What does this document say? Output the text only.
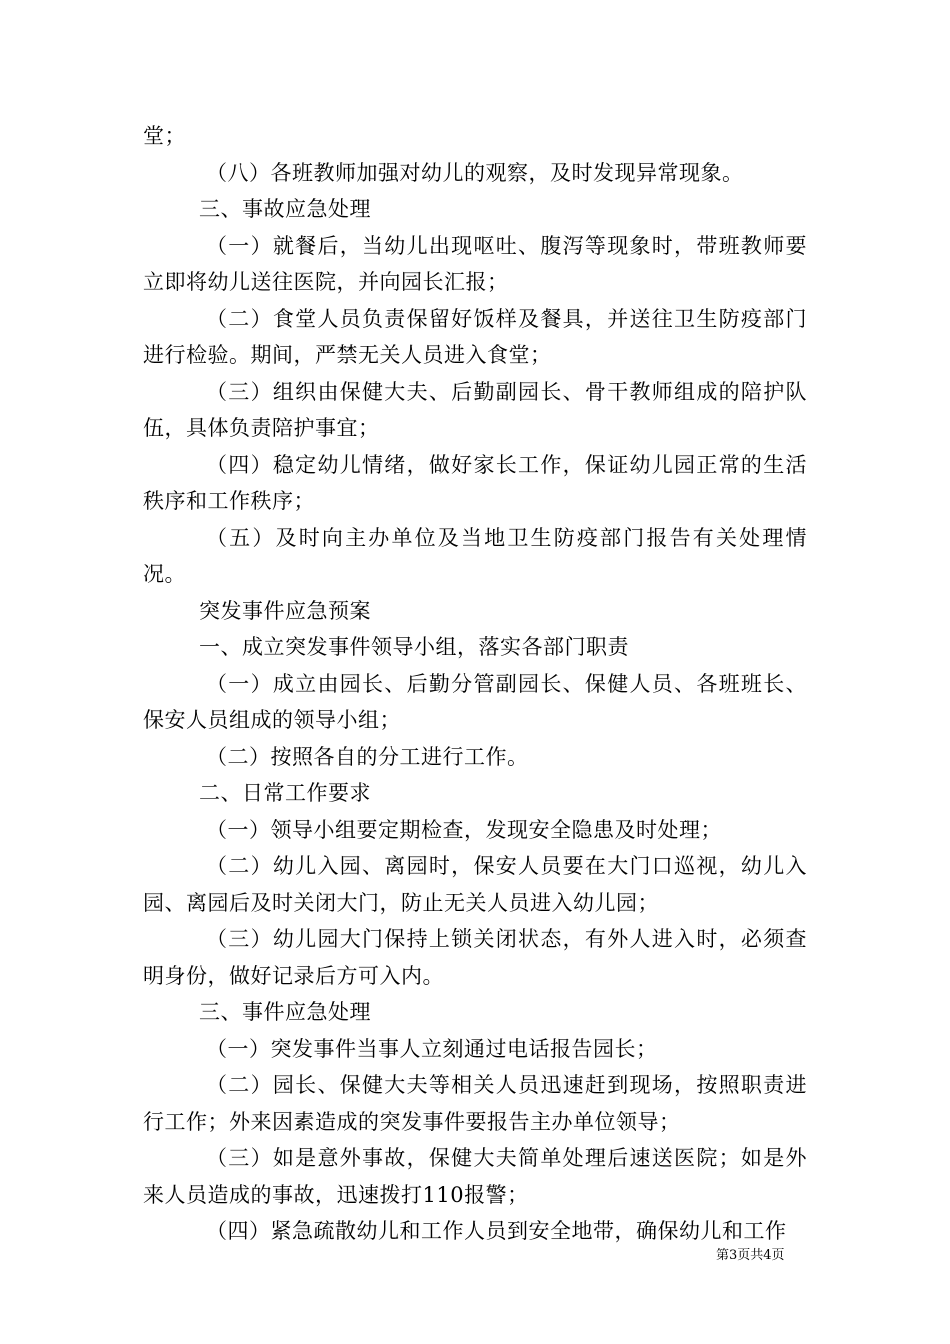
堂；

（八）各班教师加强对幼儿的观察，及时发现异常现象。

三、事故应急处理

（一）就餐后，当幼儿出现呕吐、腹泻等现象时，带班教师要立即将幼儿送往医院，并向园长汇报；

（二）食堂人员负责保留好饭样及餐具，并送往卫生防疫部门进行检验。期间，严禁无关人员进入食堂；

（三）组织由保健大夫、后勤副园长、骨干教师组成的陪护队伍，具体负责陪护事宜；

（四）稳定幼儿情绪，做好家长工作，保证幼儿园正常的生活秩序和工作秩序；

（五）及时向主办单位及当地卫生防疫部门报告有关处理情况。

突发事件应急预案

一、成立突发事件领导小组，落实各部门职责

（一）成立由园长、后勤分管副园长、保健人员、各班班长、保安人员组成的领导小组；

（二）按照各自的分工进行工作。

二、日常工作要求

（一）领导小组要定期检查，发现安全隐患及时处理；

（二）幼儿入园、离园时，保安人员要在大门口巡视，幼儿入园、离园后及时关闭大门，防止无关人员进入幼儿园；

（三）幼儿园大门保持上锁关闭状态，有外人进入时，必须查明身份，做好记录后方可入内。

三、事件应急处理

（一）突发事件当事人立刻通过电话报告园长；

（二）园长、保健大夫等相关人员迅速赶到现场，按照职责进行工作；外来因素造成的突发事件要报告主办单位领导；

（三）如是意外事故，保健大夫简单处理后速送医院；如是外来人员造成的事故，迅速拨打110报警；

（四）紧急疏散幼儿和工作人员到安全地带，确保幼儿和工作

第3页共4页
